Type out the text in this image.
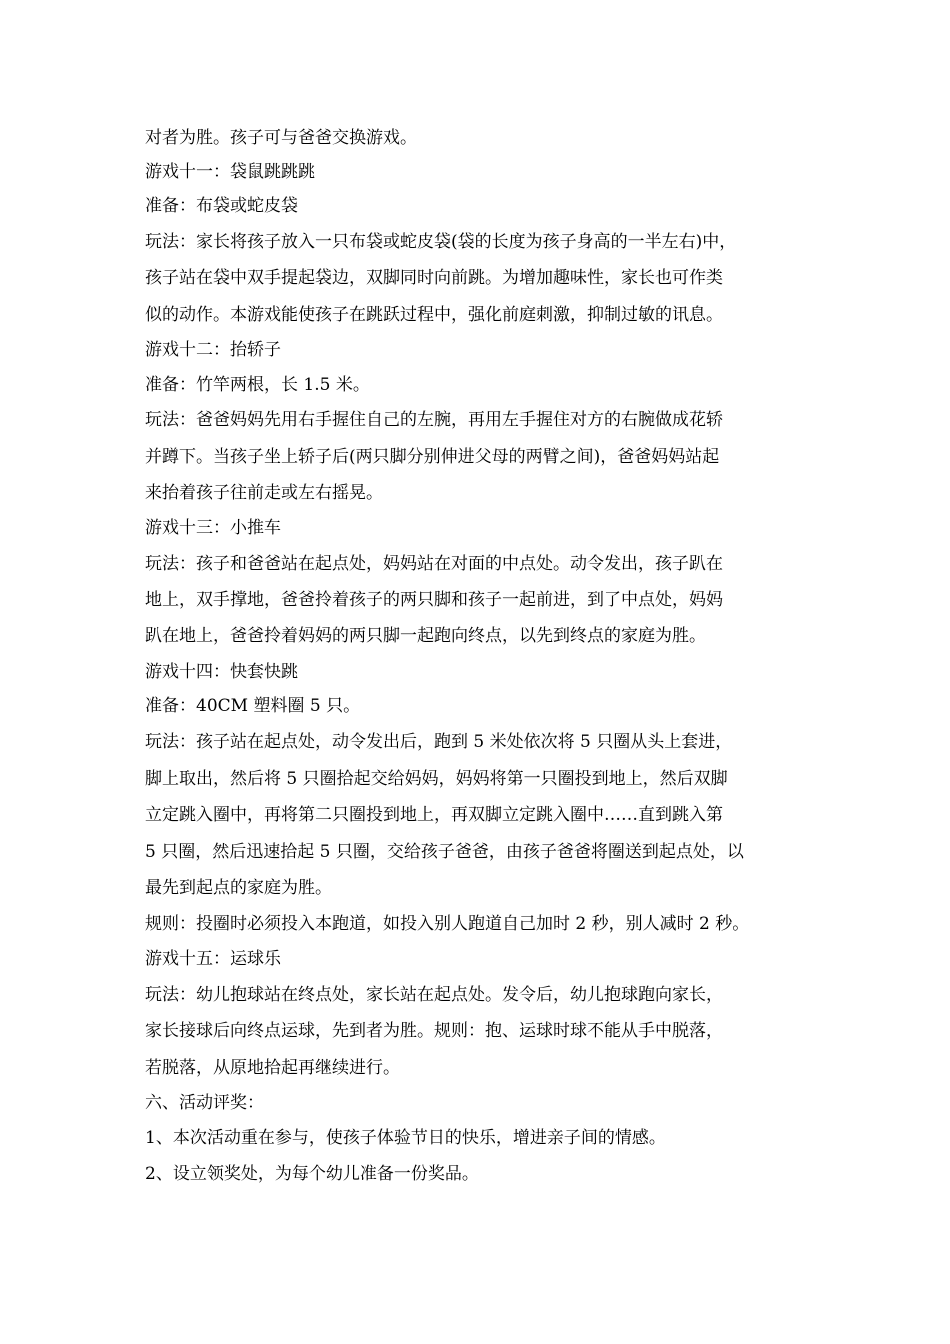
对者为胜。孩子可与爸爸交换游戏。
游戏十一：袋鼠跳跳跳
准备：布袋或蛇皮袋
玩法：家长将孩子放入一只布袋或蛇皮袋(袋的长度为孩子身高的一半左右)中，
孩子站在袋中双手提起袋边，双脚同时向前跳。为增加趣味性，家长也可作类
似的动作。本游戏能使孩子在跳跃过程中，强化前庭刺激，抑制过敏的讯息。
游戏十二：抬轿子
准备：竹竿两根，长 1.5 米。
玩法：爸爸妈妈先用右手握住自己的左腕，再用左手握住对方的右腕做成花轿
并蹲下。当孩子坐上轿子后(两只脚分别伸进父母的两臂之间)，爸爸妈妈站起
来抬着孩子往前走或左右摇晃。
游戏十三：小推车
玩法：孩子和爸爸站在起点处，妈妈站在对面的中点处。动令发出，孩子趴在
地上，双手撑地，爸爸拎着孩子的两只脚和孩子一起前进，到了中点处，妈妈
趴在地上，爸爸拎着妈妈的两只脚一起跑向终点，以先到终点的家庭为胜。
游戏十四：快套快跳
准备：40CM 塑料圈 5 只。
玩法：孩子站在起点处，动令发出后，跑到 5 米处依次将 5 只圈从头上套进，
脚上取出，然后将 5 只圈拾起交给妈妈，妈妈将第一只圈投到地上，然后双脚
立定跳入圈中，再将第二只圈投到地上，再双脚立定跳入圈中……直到跳入第
5 只圈，然后迅速拾起 5 只圈，交给孩子爸爸，由孩子爸爸将圈送到起点处，以
最先到起点的家庭为胜。
规则：投圈时必须投入本跑道，如投入别人跑道自己加时 2 秒，别人减时 2 秒。
游戏十五：运球乐
玩法：幼儿抱球站在终点处，家长站在起点处。发令后，幼儿抱球跑向家长，
家长接球后向终点运球，先到者为胜。规则：抱、运球时球不能从手中脱落，
若脱落，从原地拾起再继续进行。
六、活动评奖：
1、本次活动重在参与，使孩子体验节日的快乐，增进亲子间的情感。
2、设立领奖处，为每个幼儿准备一份奖品。
